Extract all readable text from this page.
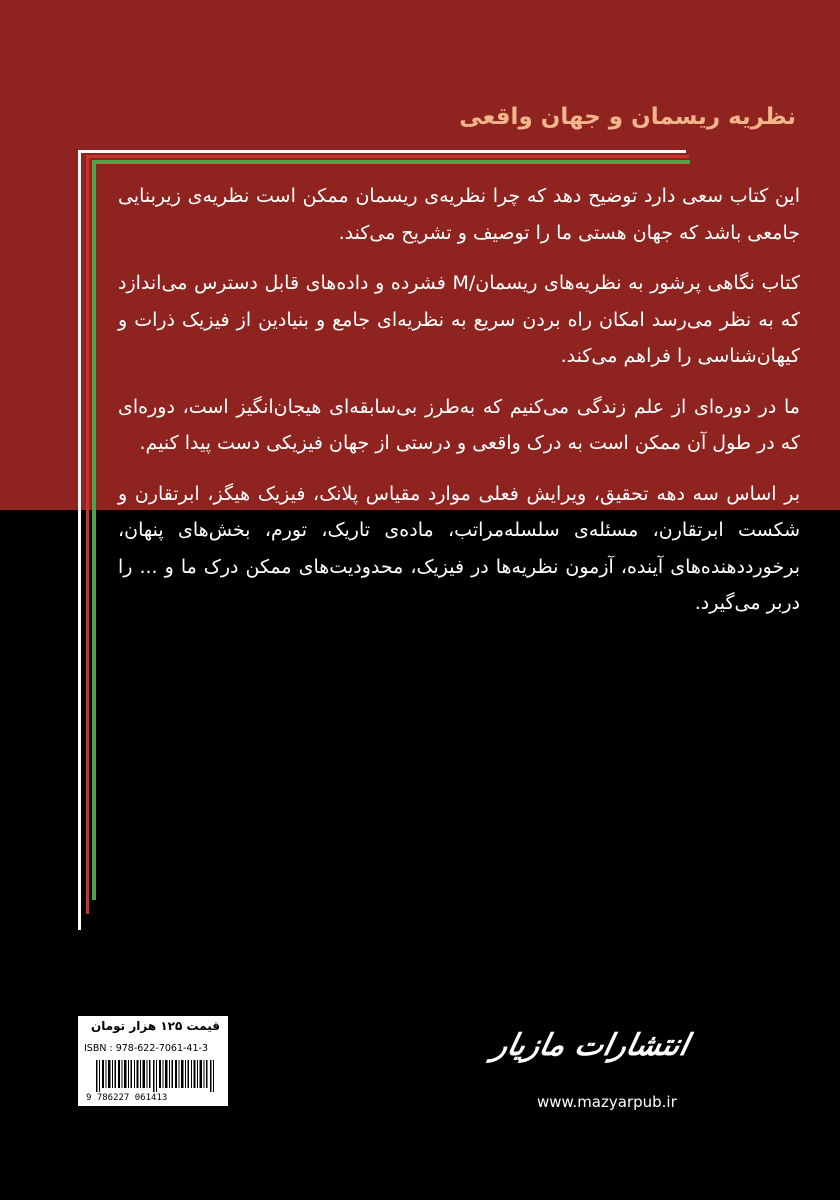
نظریه ریسمان و جهان واقعی

این کتاب سعی دارد توضیح دهد که چرا نظریه‌ی ریسمان ممکن است نظریه‌ی زیربنایی جامعی باشد که جهان هستی ما را توصیف و تشریح می‌کند.

کتاب نگاهی پرشور به نظریه‌های ریسمان/M فشرده و داده‌های قابل دسترس می‌اندازد که به نظر می‌رسد امکان راه بردن سریع به نظریه‌ای جامع و بنیادین از فیزیک ذرات و کیهان‌شناسی را فراهم می‌کند.

ما در دوره‌ای از علم زندگی می‌کنیم که به‌طرز بی‌سابقه‌ای هیجان‌انگیز است، دوره‌ای که در طول آن ممکن است به درک واقعی و درستی از جهان فیزیکی دست پیدا کنیم.

بر اساس سه دهه تحقیق، ویرایش فعلی موارد مقیاس پلانک، فیزیک هیگز، ابرتقارن و شکست ابرتقارن، مسئله‌ی سلسله‌مراتب، ماده‌ی تاریک، تورم، بخش‌های پنهان، برخورددهنده‌های آینده، آزمون نظریه‌ها در فیزیک، محدودیت‌های ممکن درک ما و ... را دربر می‌گیرد.

قیمت ۱۲۵ هزار تومان
ISBN : 978-622-7061-41-3
9 786227 061413
انتشارات مازیار
www.mazyarpub.ir
